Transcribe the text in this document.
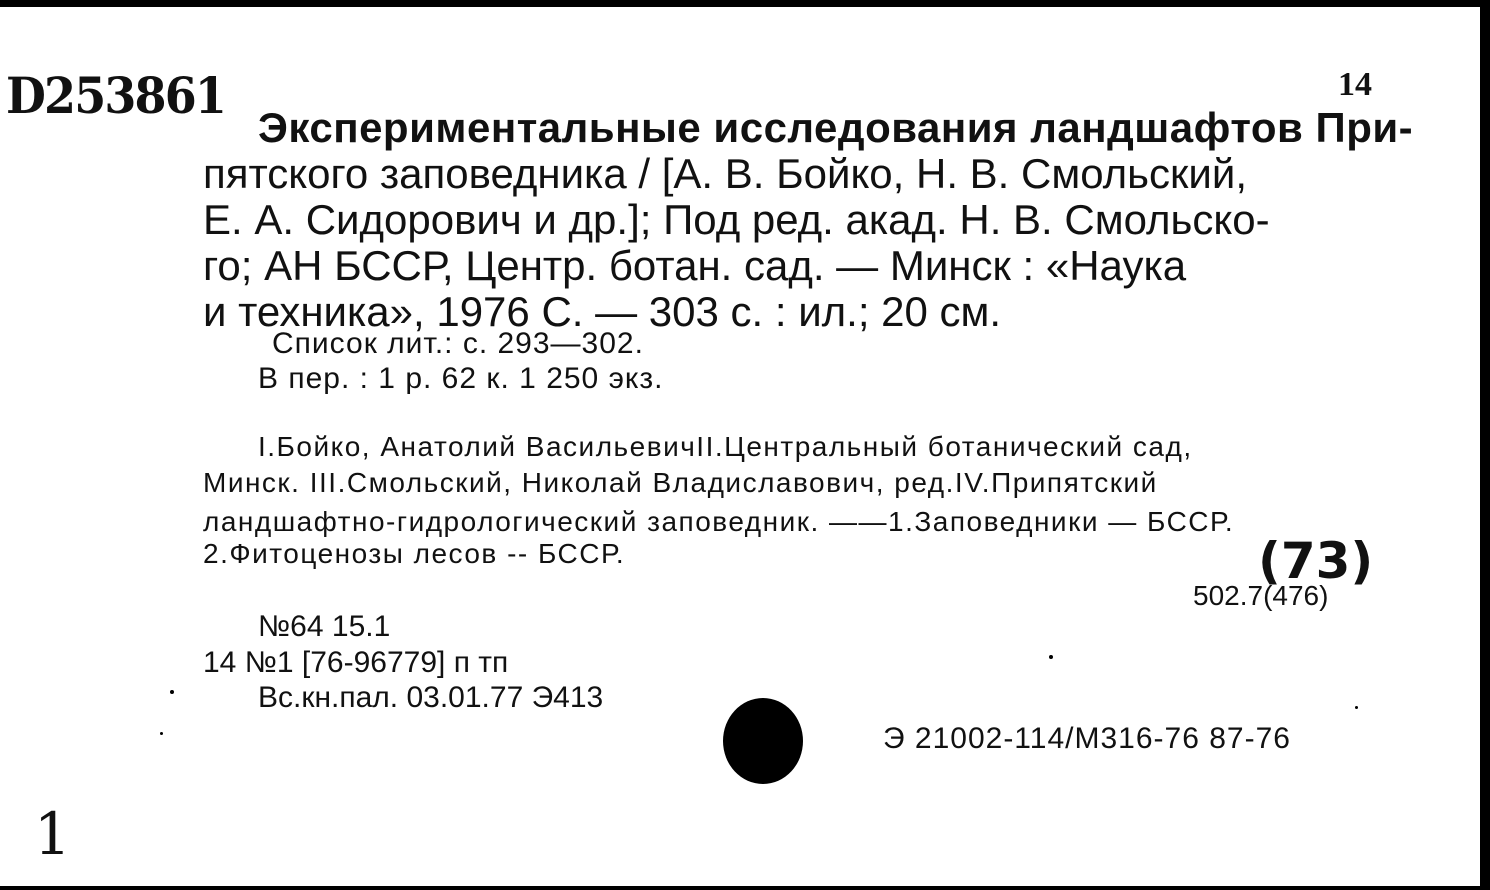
D253861	14
Экспериментальные исследования ландшафтов При-
пятского заповедника / [А. В. Бойко, Н. В. Смольский,
Е. А. Сидорович и др.]; Под ред. акад. Н. В. Смольско-
го; АН БССР, Центр. ботан. сад. — Минск : «Наука
и техника», 1976 С. — 303 с. : ил.; 20 см.
Список лит.: с. 293—302.
В пер. : 1 р. 62 к. 1 250 экз.
I.Бойко, Анатолий ВасильевичII.Центральный ботанический сад,
Минск. III.Смольский, Николай Владиславович, ред.IV.Припятский
ландшафтно-гидрологический заповедник. ——1.Заповедники — БССР.
2.Фитоценозы лесов -- БССР.	(73)
502.7(476)
№64 15.1
14 №1 [76-96779] п тп
Вс.кн.пал. 03.01.77 Э413
Э 21002-114/М316-76 87-76
1
